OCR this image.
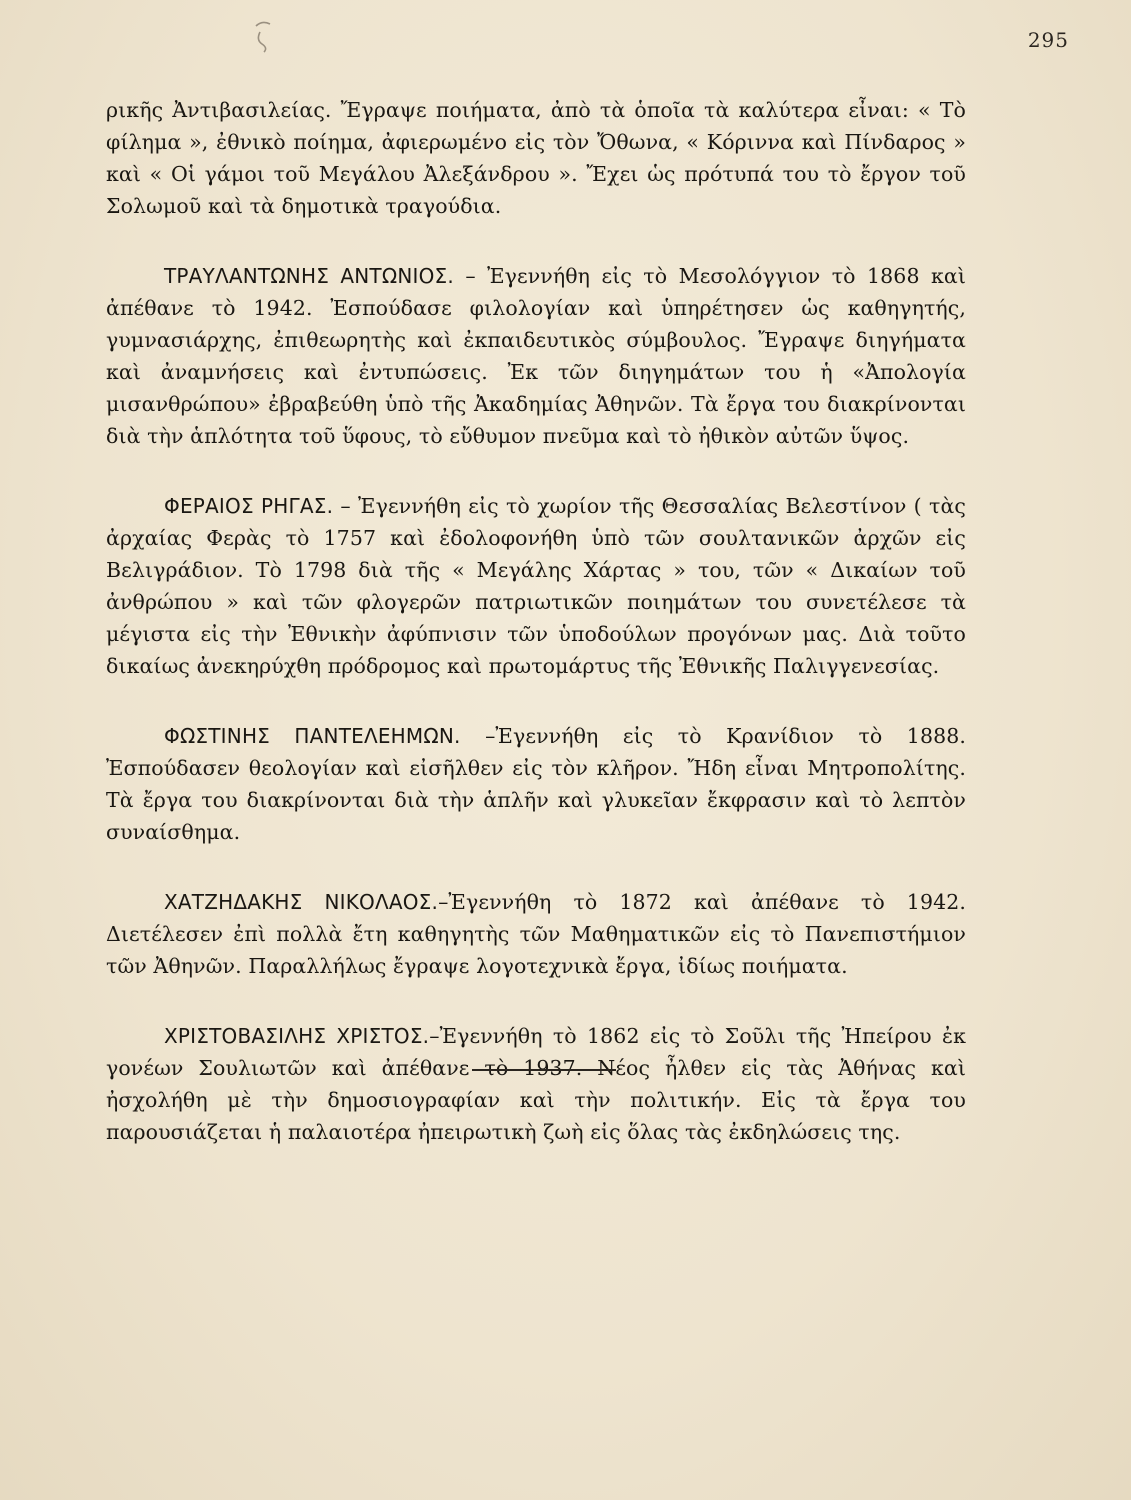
295

ρικῆς Ἀντιβασιλείας. Ἔγραψε ποιήματα, ἀπὸ τὰ ὁποῖα τὰ καλύτερα εἶναι: « Τὸ φίλημα », ἐθνικὸ ποίημα, ἀφιερωμένο εἰς τὸν Ὄθωνα, « Κόριννα καὶ Πίνδαρος » καὶ « Οἱ γάμοι τοῦ Μεγάλου Ἀλεξάνδρου ». Ἔχει ὡς πρότυπά του τὸ ἔργον τοῦ Σολωμοῦ καὶ τὰ δημοτικὰ τραγούδια.

ΤΡΑΥΛΑΝΤΩΝΗΣ ΑΝΤΩΝΙΟΣ. – Ἐγεννήθη εἰς τὸ Μεσολόγγιον τὸ 1868 καὶ ἀπέθανε τὸ 1942. Ἐσπούδασε φιλολογίαν καὶ ὑπηρέτησεν ὡς καθηγητής, γυμνασιάρχης, ἐπιθεωρητὴς καὶ ἐκπαιδευτικὸς σύμβουλος. Ἔγραψε διηγήματα καὶ ἀναμνήσεις καὶ ἐντυπώσεις. Ἐκ τῶν διηγημάτων του ἡ «Ἀπολογία μισανθρώπου» ἐβραβεύθη ὑπὸ τῆς Ἀκαδημίας Ἀθηνῶν. Τὰ ἔργα του διακρίνονται διὰ τὴν ἁπλότητα τοῦ ὕφους, τὸ εὔθυμον πνεῦμα καὶ τὸ ἠθικὸν αὐτῶν ὕψος.

ΦΕΡΑΙΟΣ ΡΗΓΑΣ. – Ἐγεννήθη εἰς τὸ χωρίον τῆς Θεσσαλίας Βελεστίνον ( τὰς ἀρχαίας Φερὰς τὸ 1757 καὶ ἐδολοφονήθη ὑπὸ τῶν σουλτανικῶν ἀρχῶν εἰς Βελιγράδιον. Τὸ 1798 διὰ τῆς « Μεγάλης Χάρτας » του, τῶν « Δικαίων τοῦ ἀνθρώπου » καὶ τῶν φλογερῶν πατριωτικῶν ποιημάτων του συνετέλεσε τὰ μέγιστα εἰς τὴν Ἐθνικὴν ἀφύπνισιν τῶν ὑποδούλων προγόνων μας. Διὰ τοῦτο δικαίως ἀνεκηρύχθη πρόδρομος καὶ πρωτομάρτυς τῆς Ἐθνικῆς Παλιγγενεσίας.

ΦΩΣΤΙΝΗΣ ΠΑΝΤΕΛΕΗΜΩΝ. –Ἐγεννήθη εἰς τὸ Κρανίδιον τὸ 1888. Ἐσπούδασεν θεολογίαν καὶ εἰσῆλθεν εἰς τὸν κλῆρον. Ἤδη εἶναι Μητροπολίτης. Τὰ ἔργα του διακρίνονται διὰ τὴν ἁπλῆν καὶ γλυκεῖαν ἔκφρασιν καὶ τὸ λεπτὸν συναίσθημα.

ΧΑΤΖΗΔΑΚΗΣ ΝΙΚΟΛΑΟΣ.–Ἐγεννήθη τὸ 1872 καὶ ἀπέθανε τὸ 1942. Διετέλεσεν ἐπὶ πολλὰ ἔτη καθηγητὴς τῶν Μαθηματικῶν εἰς τὸ Πανεπιστήμιον τῶν Ἀθηνῶν. Παραλλήλως ἔγραψε λογοτεχνικὰ ἔργα, ἰδίως ποιήματα.

ΧΡΙΣΤΟΒΑΣΙΛΗΣ ΧΡΙΣΤΟΣ.–Ἐγεννήθη τὸ 1862 εἰς τὸ Σοῦλι τῆς Ἠπείρου ἐκ γονέων Σουλιωτῶν καὶ ἀπέθανε τὸ 1937. Νέος ἦλθεν εἰς τὰς Ἀθήνας καὶ ἠσχολήθη μὲ τὴν δημοσιογραφίαν καὶ τὴν πολιτικήν. Εἰς τὰ ἔργα του παρουσιάζεται ἡ παλαιοτέρα ἠπειρωτικὴ ζωὴ εἰς ὅλας τὰς ἐκδηλώσεις της.
